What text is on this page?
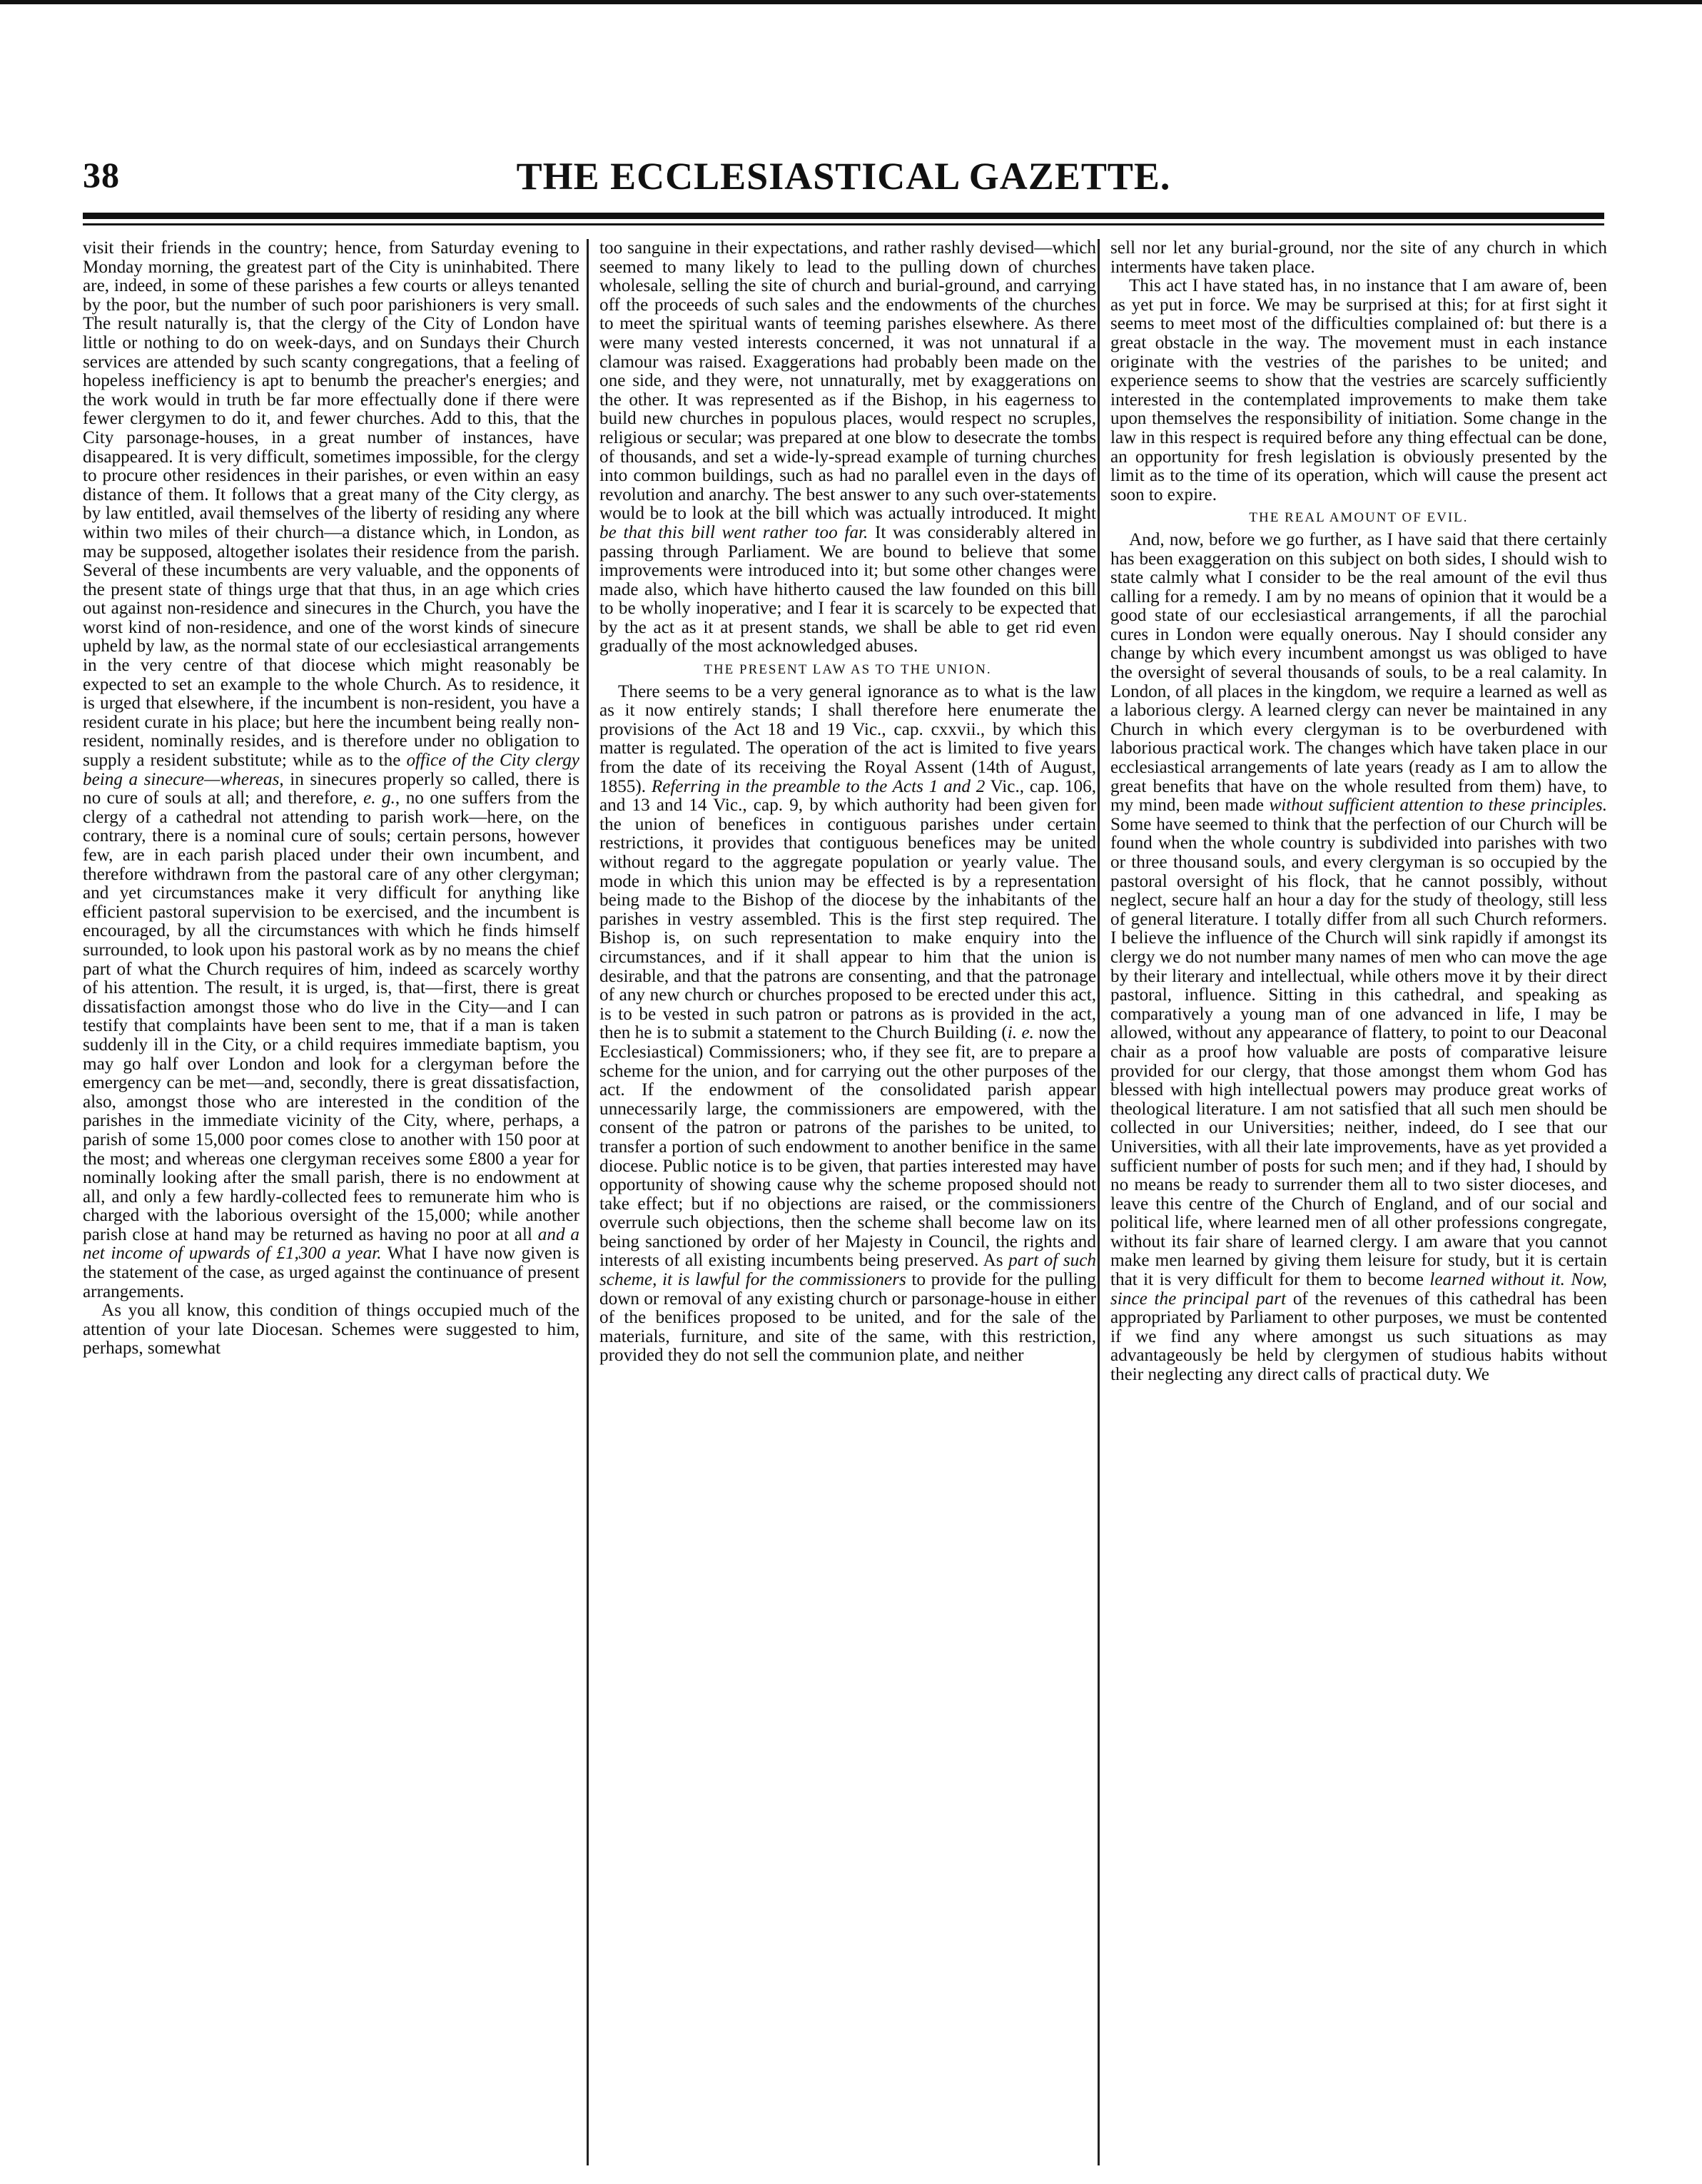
38	THE ECCLESIASTICAL GAZETTE.

visit their friends in the country; hence, from Saturday evening to Monday morning, the greatest part of the City is uninhabited. There are, indeed, in some of these parishes a few courts or alleys tenanted by the poor, but the number of such poor parishioners is very small. The result naturally is, that the clergy of the City of London have little or nothing to do on week-days, and on Sundays their Church services are attended by such scanty congregations, that a feeling of hopeless inefficiency is apt to benumb the preacher's energies; and the work would in truth be far more effectually done if there were fewer clergymen to do it, and fewer churches. Add to this, that the City parsonage-houses, in a great number of instances, have disappeared. It is very difficult, sometimes impossible, for the clergy to procure other residences in their parishes, or even within an easy distance of them. It follows that a great many of the City clergy, as by law entitled, avail themselves of the liberty of residing any where within two miles of their church—a distance which, in London, as may be supposed, altogether isolates their residence from the parish. Several of these incumbents are very valuable, and the opponents of the present state of things urge that that thus, in an age which cries out against non-residence and sinecures in the Church, you have the worst kind of non-residence, and one of the worst kinds of sinecure upheld by law, as the normal state of our ecclesiastical arrangements in the very centre of that diocese which might reasonably be expected to set an example to the whole Church. As to residence, it is urged that elsewhere, if the incumbent is non-resident, you have a resident curate in his place; but here the incumbent being really non-resident, nominally resides, and is therefore under no obligation to supply a resident substitute; while as to the office of the City clergy being a sinecure—whereas, in sinecures properly so called, there is no cure of souls at all; and therefore, e. g., no one suffers from the clergy of a cathedral not attending to parish work—here, on the contrary, there is a nominal cure of souls; certain persons, however few, are in each parish placed under their own incumbent, and therefore withdrawn from the pastoral care of any other clergyman; and yet circumstances make it very difficult for anything like efficient pastoral supervision to be exercised, and the incumbent is encouraged, by all the circumstances with which he finds himself surrounded, to look upon his pastoral work as by no means the chief part of what the Church requires of him, indeed as scarcely worthy of his attention. The result, it is urged, is, that—first, there is great dissatisfaction amongst those who do live in the City—and I can testify that complaints have been sent to me, that if a man is taken suddenly ill in the City, or a child requires immediate baptism, you may go half over London and look for a clergyman before the emergency can be met—and, secondly, there is great dissatisfaction, also, amongst those who are interested in the condition of the parishes in the immediate vicinity of the City, where, perhaps, a parish of some 15,000 poor comes close to another with 150 poor at the most; and whereas one clergyman receives some £800 a year for nominally looking after the small parish, there is no endowment at all, and only a few hardly-collected fees to remunerate him who is charged with the laborious oversight of the 15,000; while another parish close at hand may be returned as having no poor at all and a net income of upwards of £1,300 a year. What I have now given is the statement of the case, as urged against the continuance of present arrangements.

As you all know, this condition of things occupied much of the attention of your late Diocesan. Schemes were suggested to him, perhaps, somewhat

too sanguine in their expectations, and rather rashly devised—which seemed to many likely to lead to the pulling down of churches wholesale, selling the site of church and burial-ground, and carrying off the proceeds of such sales and the endowments of the churches to meet the spiritual wants of teeming parishes elsewhere. As there were many vested interests concerned, it was not unnatural if a clamour was raised. Exaggerations had probably been made on the one side, and they were, not unnaturally, met by exaggerations on the other. It was represented as if the Bishop, in his eagerness to build new churches in populous places, would respect no scruples, religious or secular; was prepared at one blow to desecrate the tombs of thousands, and set a wide-ly-spread example of turning churches into common buildings, such as had no parallel even in the days of revolution and anarchy. The best answer to any such over-statements would be to look at the bill which was actually introduced. It might be that this bill went rather too far. It was considerably altered in passing through Parliament. We are bound to believe that some improvements were introduced into it; but some other changes were made also, which have hitherto caused the law founded on this bill to be wholly inoperative; and I fear it is scarcely to be expected that by the act as it at present stands, we shall be able to get rid even gradually of the most acknowledged abuses.

THE PRESENT LAW AS TO THE UNION.

There seems to be a very general ignorance as to what is the law as it now entirely stands; I shall therefore here enumerate the provisions of the Act 18 and 19 Vic., cap. cxxvii., by which this matter is regulated. The operation of the act is limited to five years from the date of its receiving the Royal Assent (14th of August, 1855). Referring in the preamble to the Acts 1 and 2 Vic., cap. 106, and 13 and 14 Vic., cap. 9, by which authority had been given for the union of benefices in contiguous parishes under certain restrictions, it provides that contiguous benefices may be united without regard to the aggregate population or yearly value. The mode in which this union may be effected is by a representation being made to the Bishop of the diocese by the inhabitants of the parishes in vestry assembled. This is the first step required. The Bishop is, on such representation to make enquiry into the circumstances, and if it shall appear to him that the union is desirable, and that the patrons are consenting, and that the patronage of any new church or churches proposed to be erected under this act, is to be vested in such patron or patrons as is provided in the act, then he is to submit a statement to the Church Building (i. e. now the Ecclesiastical) Commissioners; who, if they see fit, are to prepare a scheme for the union, and for carrying out the other purposes of the act. If the endowment of the consolidated parish appear unnecessarily large, the commissioners are empowered, with the consent of the patron or patrons of the parishes to be united, to transfer a portion of such endowment to another benifice in the same diocese. Public notice is to be given, that parties interested may have opportunity of showing cause why the scheme proposed should not take effect; but if no objections are raised, or the commissioners overrule such objections, then the scheme shall become law on its being sanctioned by order of her Majesty in Council, the rights and interests of all existing incumbents being preserved. As part of such scheme, it is lawful for the commissioners to provide for the pulling down or removal of any existing church or parsonage-house in either of the benifices proposed to be united, and for the sale of the materials, furniture, and site of the same, with this restriction, provided they do not sell the communion plate, and neither

sell nor let any burial-ground, nor the site of any church in which interments have taken place.

This act I have stated has, in no instance that I am aware of, been as yet put in force. We may be surprised at this; for at first sight it seems to meet most of the difficulties complained of: but there is a great obstacle in the way. The movement must in each instance originate with the vestries of the parishes to be united; and experience seems to show that the vestries are scarcely sufficiently interested in the contemplated improvements to make them take upon themselves the responsibility of initiation. Some change in the law in this respect is required before any thing effectual can be done, an opportunity for fresh legislation is obviously presented by the limit as to the time of its operation, which will cause the present act soon to expire.

THE REAL AMOUNT OF EVIL.

And, now, before we go further, as I have said that there certainly has been exaggeration on this subject on both sides, I should wish to state calmly what I consider to be the real amount of the evil thus calling for a remedy. I am by no means of opinion that it would be a good state of our ecclesiastical arrangements, if all the parochial cures in London were equally onerous. Nay I should consider any change by which every incumbent amongst us was obliged to have the oversight of several thousands of souls, to be a real calamity. In London, of all places in the kingdom, we require a learned as well as a laborious clergy. A learned clergy can never be maintained in any Church in which every clergyman is to be overburdened with laborious practical work. The changes which have taken place in our ecclesiastical arrangements of late years (ready as I am to allow the great benefits that have on the whole resulted from them) have, to my mind, been made without sufficient attention to these principles. Some have seemed to think that the perfection of our Church will be found when the whole country is subdivided into parishes with two or three thousand souls, and every clergyman is so occupied by the pastoral oversight of his flock, that he cannot possibly, without neglect, secure half an hour a day for the study of theology, still less of general literature. I totally differ from all such Church reformers. I believe the influence of the Church will sink rapidly if amongst its clergy we do not number many names of men who can move the age by their literary and intellectual, while others move it by their direct pastoral, influence. Sitting in this cathedral, and speaking as comparatively a young man of one advanced in life, I may be allowed, without any appearance of flattery, to point to our Deaconal chair as a proof how valuable are posts of comparative leisure provided for our clergy, that those amongst them whom God has blessed with high intellectual powers may produce great works of theological literature. I am not satisfied that all such men should be collected in our Universities; neither, indeed, do I see that our Universities, with all their late improvements, have as yet provided a sufficient number of posts for such men; and if they had, I should by no means be ready to surrender them all to two sister dioceses, and leave this centre of the Church of England, and of our social and political life, where learned men of all other professions congregate, without its fair share of learned clergy. I am aware that you cannot make men learned by giving them leisure for study, but it is certain that it is very difficult for them to become learned without it. Now, since the principal part of the revenues of this cathedral has been appropriated by Parliament to other purposes, we must be contented if we find any where amongst us such situations as may advantageously be held by clergymen of studious habits without their neglecting any direct calls of practical duty. We
